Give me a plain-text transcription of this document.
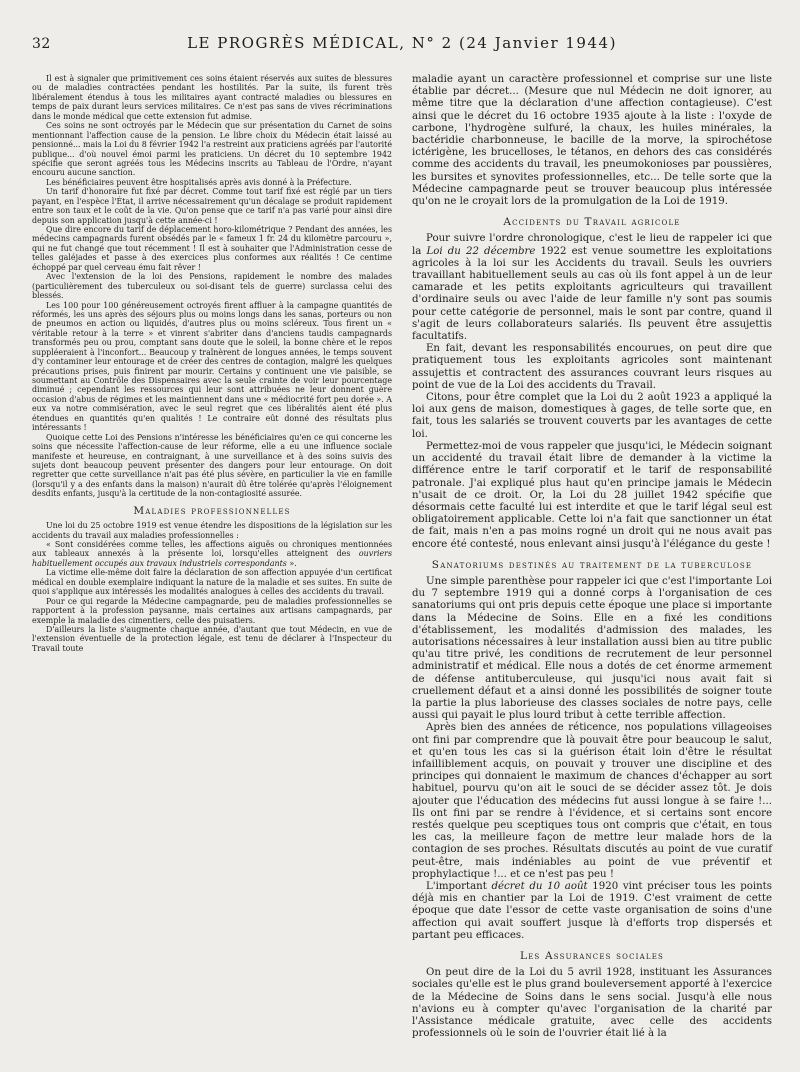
32	LE PROGRÈS MÉDICAL, N° 2 (24 Janvier 1944)

Il est à signaler que primitivement ces soins étaient réservés aux suites de blessures ou de maladies contractées pendant les hostilités. Par la suite, ils furent très libéralement étendus à tous les militaires ayant contracté maladies ou blessures en temps de paix durant leurs services militaires. Ce n'est pas sans de vives récriminations dans le monde médical que cette extension fut admise.

Ces soins ne sont octroyés par le Médecin que sur présentation du Carnet de soins mentionnant l'affection cause de la pension. Le libre choix du Médecin était laissé au pensionné... mais la Loi du 8 février 1942 l'a restreint aux praticiens agréés par l'autorité publique... d'où nouvel émoi parmi les praticiens. Un décret du 10 septembre 1942 spécifie que seront agréés tous les Médecins inscrits au Tableau de l'Ordre, n'ayant encouru aucune sanction.

Les bénéficiaires peuvent être hospitalisés après avis donné à la Préfecture.

Un tarif d'honoraire fut fixé par décret. Comme tout tarif fixé est réglé par un tiers payant, en l'espèce l'État, il arrive nécessairement qu'un décalage se produit rapidement entre son taux et le coût de la vie. Qu'on pense que ce tarif n'a pas varié pour ainsi dire depuis son application jusqu'à cette année-ci !

Que dire encore du tarif de déplacement horo-kilométrique ? Pendant des années, les médecins campagnards furent obsédés par le « fameux 1 fr. 24 du kilomètre parcouru », qui ne fut changé que tout récemment ! Il est à souhaiter que l'Administration cesse de telles galéjades et passe à des exercices plus conformes aux réalités ! Ce centime échoppé par quel cerveau ému fait rêver !

Avec l'extension de la loi des Pensions, rapidement le nombre des malades (particulièrement des tuberculeux ou soi-disant tels de guerre) surclassa celui des blessés.

Les 100 pour 100 généreusement octroyés firent affluer à la campagne quantités de réformés, les uns après des séjours plus ou moins longs dans les sanas, porteurs ou non de pneumos en action ou liquidés, d'autres plus ou moins scléreux. Tous firent un « véritable retour à la terre » et vinrent s'abriter dans d'anciens taudis campagnards transformés peu ou prou, comptant sans doute que le soleil, la bonne chère et le repos suppléeraient à l'inconfort... Beaucoup y traînèrent de longues années, le temps souvent d'y contaminer leur entourage et de créer des centres de contagion, malgré les quelques précautions prises, puis finirent par mourir. Certains y continuent une vie paisible, se soumettant au Contrôle des Dispensaires avec la seule crainte de voir leur pourcentage diminué ; cependant les ressources qui leur sont attribuées ne leur donnent guère occasion d'abus de régimes et les maintiennent dans une « médiocrité fort peu dorée ». A eux va notre commisération, avec le seul regret que ces libéralités aient été plus étendues en quantités qu'en qualités ! Le contraire eût donné des résultats plus intéressants !

Quoique cette Loi des Pensions n'intéresse les bénéficiaires qu'en ce qui concerne les soins que nécessite l'affection-cause de leur réforme, elle a eu une influence sociale manifeste et heureuse, en contraignant, à une surveillance et à des soins suivis des sujets dont beaucoup peuvent présenter des dangers pour leur entourage. On doit regretter que cette surveillance n'ait pas été plus sévère, en particulier la vie en famille (lorsqu'il y a des enfants dans la maison) n'aurait dû être tolérée qu'après l'éloignement desdits enfants, jusqu'à la certitude de la non-contagiosité assurée.

Maladies professionnelles

Une loi du 25 octobre 1919 est venue étendre les dispositions de la législation sur les accidents du travail aux maladies professionnelles :

« Sont considérées comme telles, les affections aiguës ou chroniques mentionnées aux tableaux annexés à la présente loi, lorsqu'elles atteignent des ouvriers habituellement occupés aux travaux industriels correspondants ».

La victime elle-même doit faire la déclaration de son affection appuyée d'un certificat médical en double exemplaire indiquant la nature de la maladie et ses suites. En suite de quoi s'applique aux intéressés les modalités analogues à celles des accidents du travail.

Pour ce qui regarde la Médecine campagnarde, peu de maladies professionnelles se rapportent à la profession paysanne, mais certaines aux artisans campagnards, par exemple la maladie des cimentiers, celle des puisatiers.

D'ailleurs la liste s'augmente chaque année, d'autant que tout Médecin, en vue de l'extension éventuelle de la protection légale, est tenu de déclarer à l'Inspecteur du Travail toute

maladie ayant un caractère professionnel et comprise sur une liste établie par décret... (Mesure que nul Médecin ne doit ignorer, au même titre que la déclaration d'une affection contagieuse). C'est ainsi que le décret du 16 octobre 1935 ajoute à la liste : l'oxyde de carbone, l'hydrogène sulfuré, la chaux, les huiles minérales, la bactéridie charbonneuse, le bacille de la morve, la spirochétose ictérigène, les brucelloses, le tétanos, en dehors des cas considérés comme des accidents du travail, les pneumokonioses par poussières, les bursites et synovites professionnelles, etc... De telle sorte que la Médecine campagnarde peut se trouver beaucoup plus intéressée qu'on ne le croyait lors de la promulgation de la Loi de 1919.

Accidents du Travail agricole

Pour suivre l'ordre chronologique, c'est le lieu de rappeler ici que la Loi du 22 décembre 1922 est venue soumettre les exploitations agricoles à la loi sur les Accidents du travail. Seuls les ouvriers travaillant habituellement seuls au cas où ils font appel à un de leur camarade et les petits exploitants agriculteurs qui travaillent d'ordinaire seuls ou avec l'aide de leur famille n'y sont pas soumis pour cette catégorie de personnel, mais le sont par contre, quand il s'agit de leurs collaborateurs salariés. Ils peuvent être assujettis facultatifs.

En fait, devant les responsabilités encourues, on peut dire que pratiquement tous les exploitants agricoles sont maintenant assujettis et contractent des assurances couvrant leurs risques au point de vue de la Loi des accidents du Travail.

Citons, pour être complet que la Loi du 2 août 1923 a appliqué la loi aux gens de maison, domestiques à gages, de telle sorte que, en fait, tous les salariés se trouvent couverts par les avantages de cette loi.

Permettez-moi de vous rappeler que jusqu'ici, le Médecin soignant un accidenté du travail était libre de demander à la victime la différence entre le tarif corporatif et le tarif de responsabilité patronale. J'ai expliqué plus haut qu'en principe jamais le Médecin n'usait de ce droit. Or, la Loi du 28 juillet 1942 spécifie que désormais cette faculté lui est interdite et que le tarif légal seul est obligatoirement applicable. Cette loi n'a fait que sanctionner un état de fait, mais n'en a pas moins rogné un droit qui ne nous avait pas encore été contesté, nous enlevant ainsi jusqu'à l'élégance du geste !

Sanatoriums destinés au traitement de la tuberculose

Une simple parenthèse pour rappeler ici que c'est l'importante Loi du 7 septembre 1919 qui a donné corps à l'organisation de ces sanatoriums qui ont pris depuis cette époque une place si importante dans la Médecine de Soins. Elle en a fixé les conditions d'établissement, les modalités d'admission des malades, les autorisations nécessaires à leur installation aussi bien au titre public qu'au titre privé, les conditions de recrutement de leur personnel administratif et médical. Elle nous a dotés de cet énorme armement de défense antituberculeuse, qui jusqu'ici nous avait fait si cruellement défaut et a ainsi donné les possibilités de soigner toute la partie la plus laborieuse des classes sociales de notre pays, celle aussi qui payait le plus lourd tribut à cette terrible affection.

Après bien des années de réticence, nos populations villageoises ont fini par comprendre que là pouvait être pour beaucoup le salut, et qu'en tous les cas si la guérison était loin d'être le résultat infailliblement acquis, on pouvait y trouver une discipline et des principes qui donnaient le maximum de chances d'échapper au sort habituel, pourvu qu'on ait le souci de se décider assez tôt. Je dois ajouter que l'éducation des médecins fut aussi longue à se faire !... Ils ont fini par se rendre à l'évidence, et si certains sont encore restés quelque peu sceptiques tous ont compris que c'était, en tous les cas, la meilleure façon de mettre leur malade hors de la contagion de ses proches. Résultats discutés au point de vue curatif peut-être, mais indéniables au point de vue préventif et prophylactique !... et ce n'est pas peu !

L'important décret du 10 août 1920 vint préciser tous les points déjà mis en chantier par la Loi de 1919. C'est vraiment de cette époque que date l'essor de cette vaste organisation de soins d'une affection qui avait souffert jusque là d'efforts trop dispersés et partant peu efficaces.

Les Assurances sociales

On peut dire de la Loi du 5 avril 1928, instituant les Assurances sociales qu'elle est le plus grand bouleversement apporté à l'exercice de la Médecine de Soins dans le sens social. Jusqu'à elle nous n'avions eu à compter qu'avec l'organisation de la charité par l'Assistance médicale gratuite, avec celle des accidents professionnels où le soin de l'ouvrier était lié à la
